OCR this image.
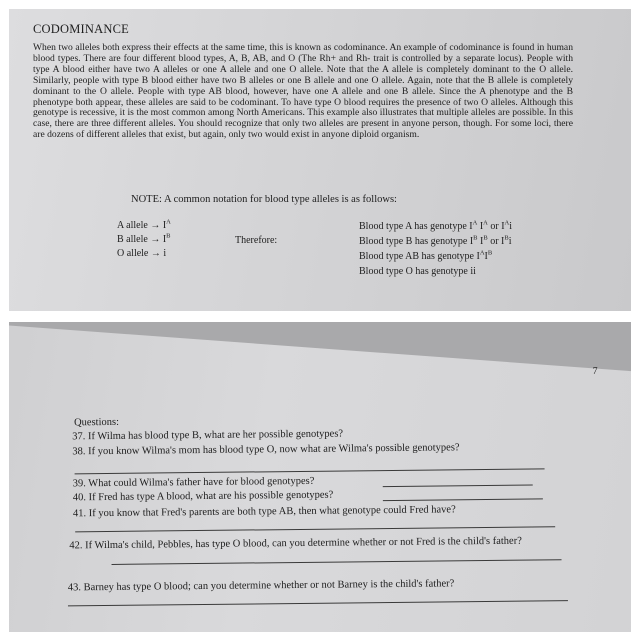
CODOMINANCE
When two alleles both express their effects at the same time, this is known as codominance. An example of codominance is found in human blood types. There are four different blood types, A, B, AB, and O (The Rh+ and Rh- trait is controlled by a separate locus). People with type A blood either have two A alleles or one A allele and one O allele. Note that the A allele is completely dominant to the O allele. Similarly, people with type B blood either have two B alleles or one B allele and one O allele. Again, note that the B allele is completely dominant to the O allele. People with type AB blood, however, have one A allele and one B allele. Since the A phenotype and the B phenotype both appear, these alleles are said to be codominant. To have type O blood requires the presence of two O alleles. Although this genotype is recessive, it is the most common among North Americans. This example also illustrates that multiple alleles are possible. In this case, there are three different alleles. You should recognize that only two alleles are present in anyone person, though. For some loci, there are dozens of different alleles that exist, but again, only two would exist in anyone diploid organism.
NOTE: A common notation for blood type alleles is as follows:
A allele → $I^A$
B allele → $I^B$
O allele → i
Therefore:
Blood type A has genotype $I^A$ $I^A$ or $I^Ai$
Blood type B has genotype $I^B$ $I^B$ or $I^Bi$
Blood type AB has genotype $I^AI^B$
Blood type O has genotype ii
7
Questions:
37. If Wilma has blood type B, what are her possible genotypes?
38. If you know Wilma's mom has blood type O, now what are Wilma's possible genotypes?
39. What could Wilma's father have for blood genotypes?
40. If Fred has type A blood, what are his possible genotypes?
41. If you know that Fred's parents are both type AB, then what genotype could Fred have?
42. If Wilma's child, Pebbles, has type O blood, can you determine whether or not Fred is the child's father?
43. Barney has type O blood; can you determine whether or not Barney is the child's father?
